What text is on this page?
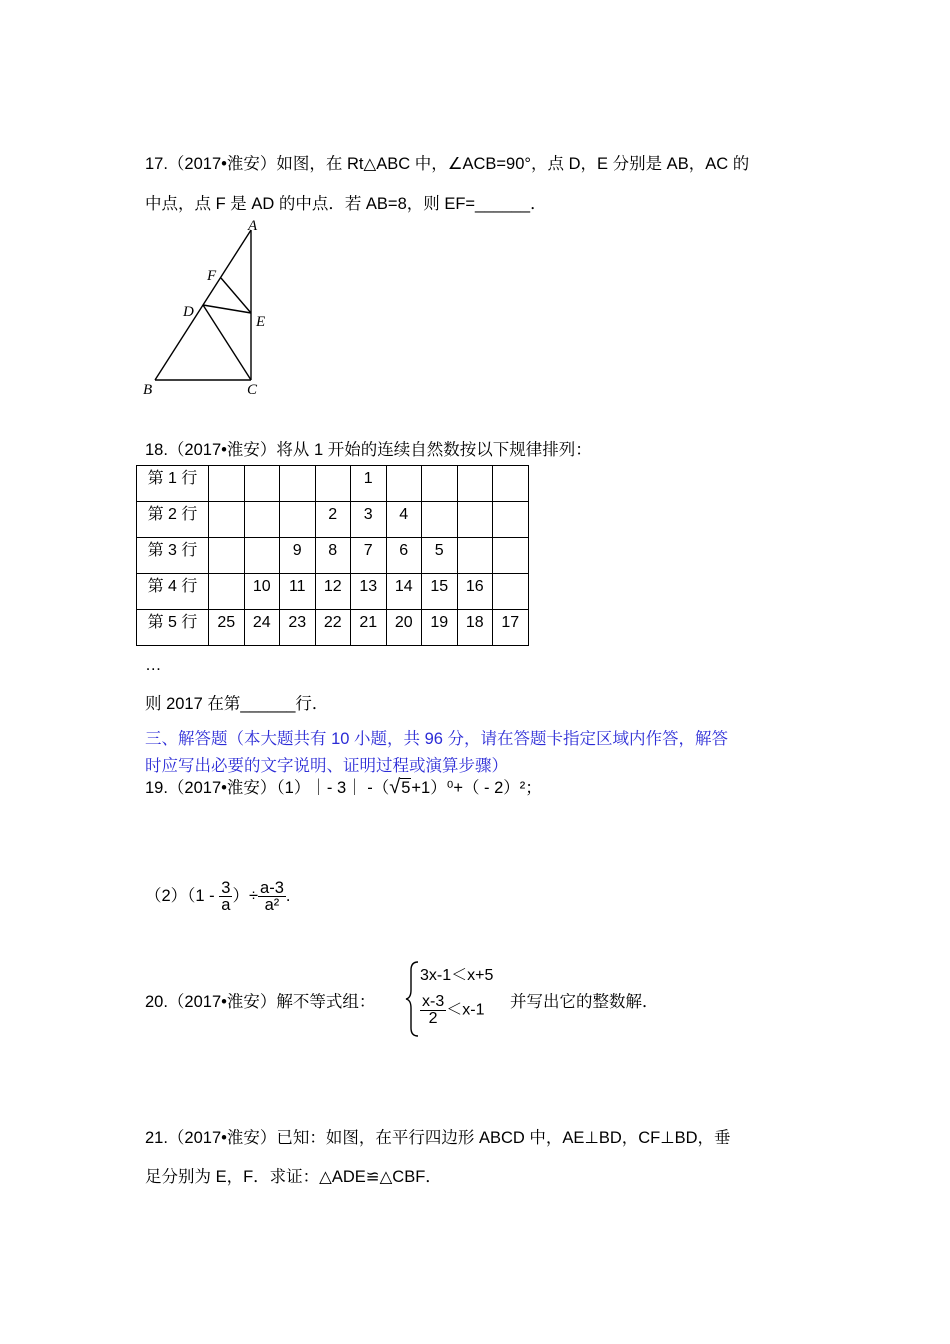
17.（2017•淮安）如图，在 Rt△ABC 中，∠ACB=90°，点 D，E 分别是 AB，AC 的
中点，点 F 是 AD 的中点．若 AB=8，则 EF=______．
A
B	C
D
E
F
18.（2017•淮安）将从 1 开始的连续自然数按以下规律排列：
第 1 行					1				
第 2 行				2	3	4			
第 3 行			9	8	7	6	5		
第 4 行		10	11	12	13	14	15	16	
第 5 行	25	24	23	22	21	20	19	18	17
…
则 2017 在第______行．
三、解答题（本大题共有 10 小题，共 96 分，请在答题卡指定区域内作答，解答
时应写出必要的文字说明、证明过程或演算步骤）
19.（2017•淮安）（1）｜- 3｜ -（√5+1）⁰+（ - 2）²；
$(2)(1 - \frac{3}{a}$ ）÷ $\frac{a-3}{\text{a²}}$ .
20.（2017•淮安）解不等式组：
3x-1＜x+5
$\frac{x-3}{2} <x-1$ 并写出它的整数解．
21.（2017•淮安）已知：如图，在平行四边形 ABCD 中，AE⊥BD，CF⊥BD，垂
足分别为 E，F．求证：△ADE≌△CBF．
